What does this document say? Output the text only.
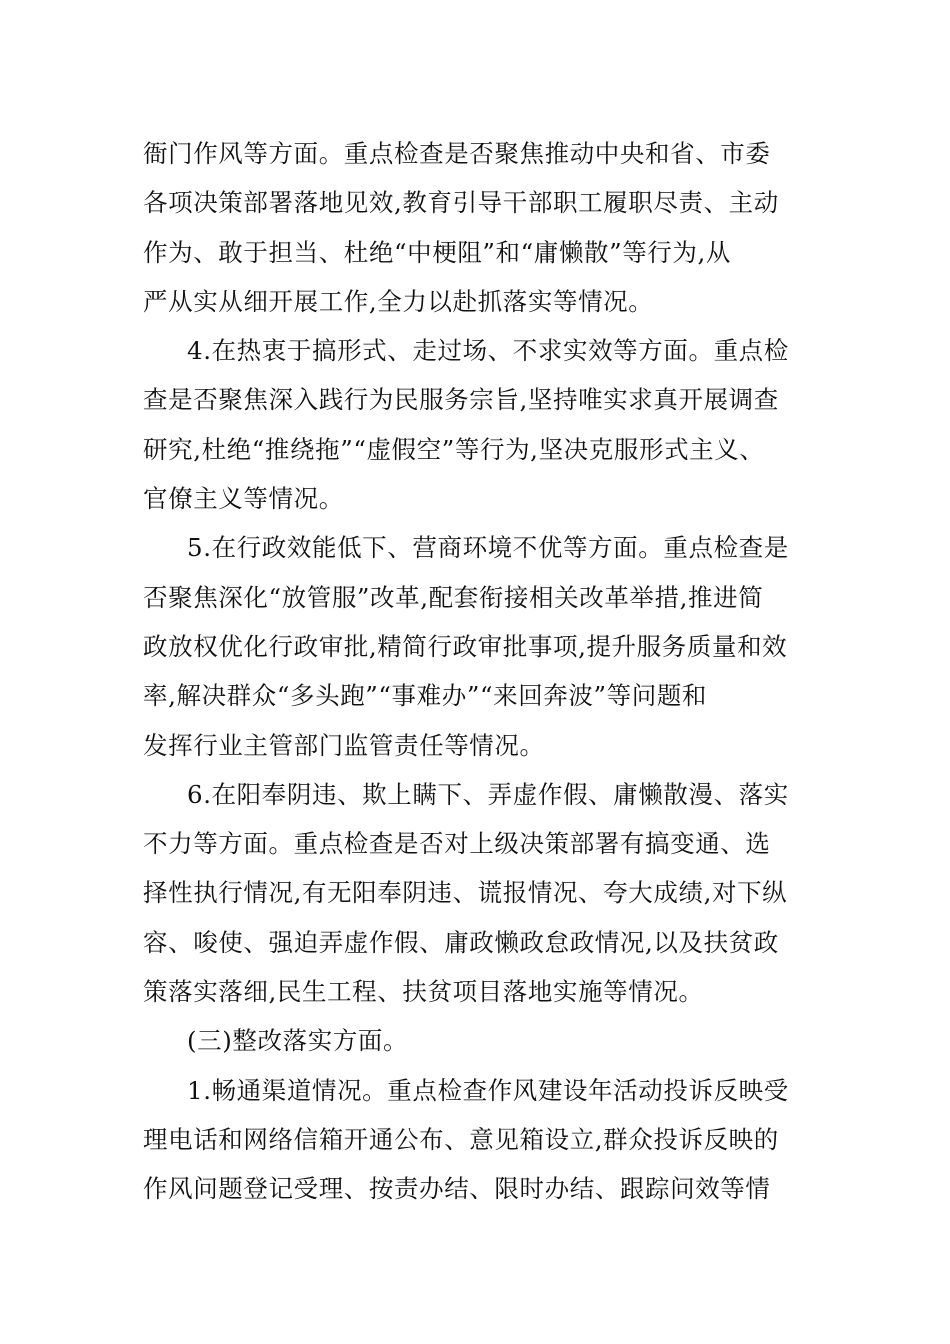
衙门作风等方面。重点检查是否聚焦推动中央和省、市委
各项决策部署落地见效,教育引导干部职工履职尽责、主动
作为、敢于担当、杜绝“中梗阻”和“庸懒散”等行为,从
严从实从细开展工作,全力以赴抓落实等情况。
4.在热衷于搞形式、走过场、不求实效等方面。重点检
查是否聚焦深入践行为民服务宗旨,坚持唯实求真开展调查
研究,杜绝“推绕拖”“虚假空”等行为,坚决克服形式主义、
官僚主义等情况。
5.在行政效能低下、营商环境不优等方面。重点检查是
否聚焦深化“放管服”改革,配套衔接相关改革举措,推进简
政放权优化行政审批,精简行政审批事项,提升服务质量和效
率,解决群众“多头跑”“事难办”“来回奔波”等问题和
发挥行业主管部门监管责任等情况。
6.在阳奉阴违、欺上瞒下、弄虚作假、庸懒散漫、落实
不力等方面。重点检查是否对上级决策部署有搞变通、选
择性执行情况,有无阳奉阴违、谎报情况、夸大成绩,对下纵
容、唆使、强迫弄虚作假、庸政懒政怠政情况,以及扶贫政
策落实落细,民生工程、扶贫项目落地实施等情况。
(三)整改落实方面。
1.畅通渠道情况。重点检查作风建设年活动投诉反映受
理电话和网络信箱开通公布、意见箱设立,群众投诉反映的
作风问题登记受理、按责办结、限时办结、跟踪问效等情
